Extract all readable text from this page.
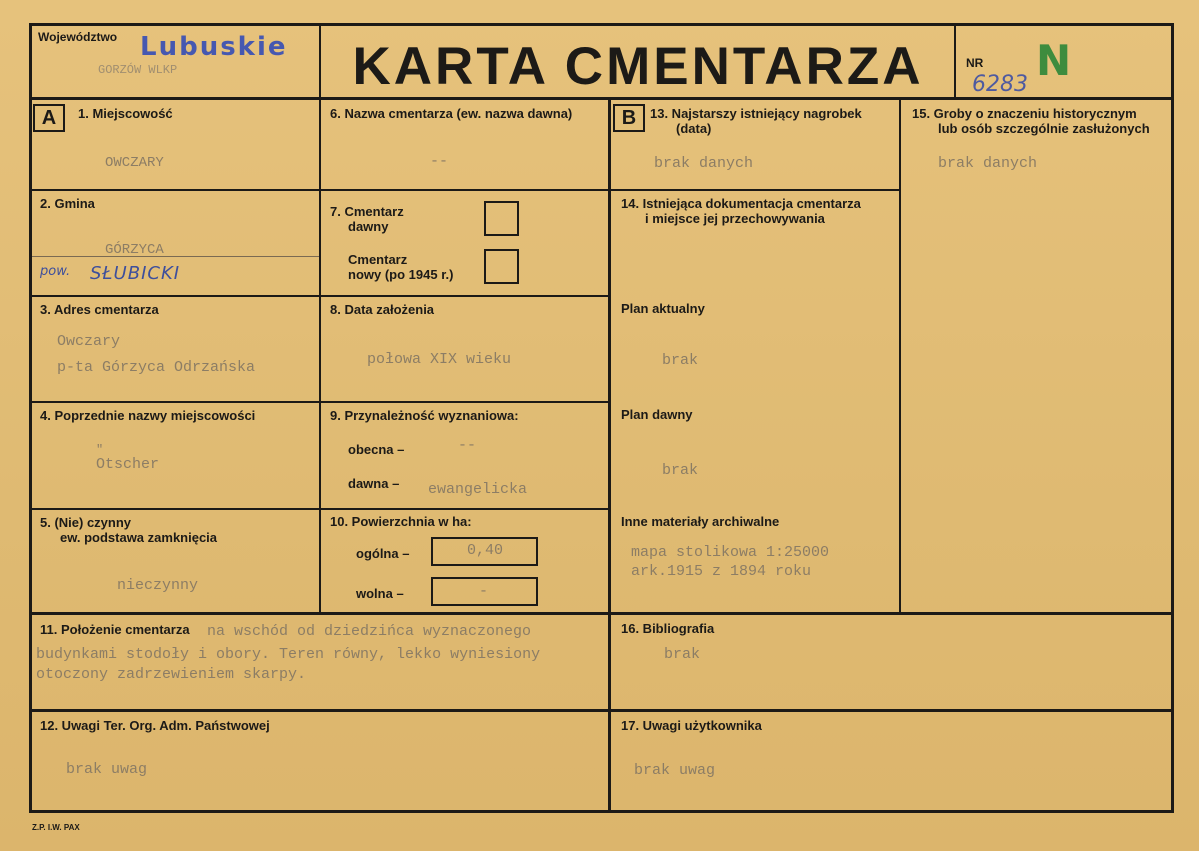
Województwo Lubuskie
GORZÓW WLKP	KARTA CMENTARZA	NR
6283 N
A	B
1. Miejscowość
OWCZARY
2. Gmina
GÓRZYCA
pow. SŁUBICKI
3. Adres cmentarza
Owczary
p-ta Górzyca Odrzańska
4. Poprzednie nazwy miejscowości
"
Otscher
5. (Nie) czynny
ew. podstawa zamknięcia
nieczynny
6. Nazwa cmentarza (ew. nazwa dawna)
--
7. Cmentarz
dawny
Cmentarz
nowy (po 1945 r.)
8. Data założenia
połowa XIX wieku
9. Przynależność wyznaniowa:
obecna –	--
dawna – ewangelicka
10. Powierzchnia w ha:
ogólna –	0,40
wolna –	-
11. Położenie cmentarza na wschód od dziedzińca wyznaczonego
budynkami stodoły i obory. Teren równy, lekko wyniesiony
otoczony zadrzewieniem skarpy.
12. Uwagi Ter. Org. Adm. Państwowej
brak uwag
13. Najstarszy istniejący nagrobek
(data)
brak danych
14. Istniejąca dokumentacja cmentarza
i miejsce jej przechowywania
Plan aktualny
brak
Plan dawny
brak
Inne materiały archiwalne
mapa stolikowa 1:25000
ark.1915 z 1894 roku
15. Groby o znaczeniu historycznym
lub osób szczególnie zasłużonych
brak danych
16. Bibliografia
brak
17. Uwagi użytkownika
brak uwag
Z.P. I.W. PAX
